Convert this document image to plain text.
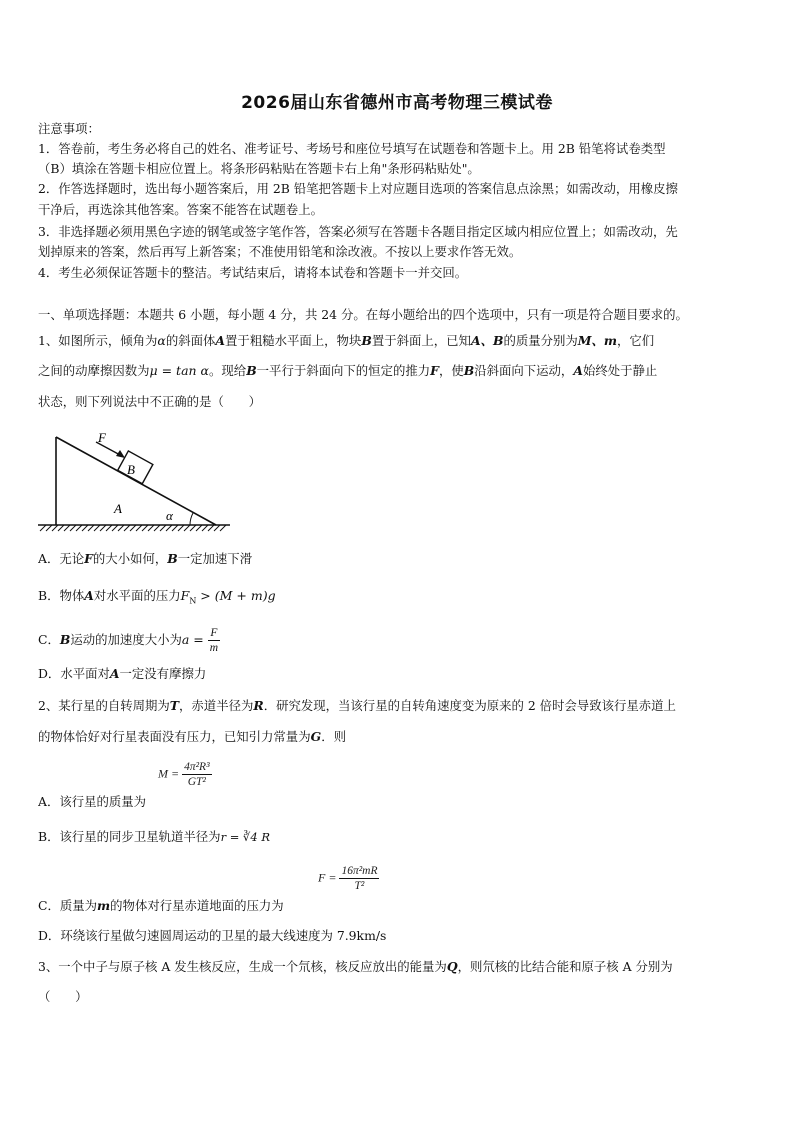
2026届山东省德州市高考物理三模试卷
注意事项：
1．答卷前，考生务必将自己的姓名、准考证号、考场号和座位号填写在试题卷和答题卡上。用 2B 铅笔将试卷类型
（B）填涂在答题卡相应位置上。将条形码粘贴在答题卡右上角"条形码粘贴处"。
2．作答选择题时，选出每小题答案后，用 2B 铅笔把答题卡上对应题目选项的答案信息点涂黑；如需改动，用橡皮擦
干净后，再选涂其他答案。答案不能答在试题卷上。
3．非选择题必须用黑色字迹的钢笔或签字笔作答，答案必须写在答题卡各题目指定区域内相应位置上；如需改动，先
划掉原来的答案，然后再写上新答案；不准使用铅笔和涂改液。不按以上要求作答无效。
4．考生必须保证答题卡的整洁。考试结束后，请将本试卷和答题卡一并交回。
一、单项选择题：本题共 6 小题，每小题 4 分，共 24 分。在每小题给出的四个选项中，只有一项是符合题目要求的。
1、如图所示，倾角为α的斜面体A置于粗糙水平面上，物块B置于斜面上，已知A、B的质量分别为M、m，它们
之间的动摩擦因数为μ = tan α。现给B一平行于斜面向下的恒定的推力F，使B沿斜面向下运动，A始终处于静止
状态，则下列说法中不正确的是（　　）
B
F
A	α
A．无论F的大小如何，B一定加速下滑
B．物体A对水平面的压力$F_N > (M + m)g$
C．B运动的加速度大小为$a = \frac{F}{m}$
D．水平面对A一定没有摩擦力
2、某行星的自转周期为T，赤道半径为R．研究发现，当该行星的自转角速度变为原来的 2 倍时会导致该行星赤道上
的物体恰好对行星表面没有压力，已知引力常量为G．则
$M = \frac{\text{4π²R³}}{\text{GT²}}$
A．该行星的质量为
B．该行星的同步卫星轨道半径为r = ∛4 R
$F = \frac{\text{16π²mR}}{\text{T²}}$
C．质量为m的物体对行星赤道地面的压力为
D．环绕该行星做匀速圆周运动的卫星的最大线速度为 7.9km/s
3、一个中子与原子核 A 发生核反应，生成一个氘核，核反应放出的能量为Q，则氘核的比结合能和原子核 A 分别为
（　　）
